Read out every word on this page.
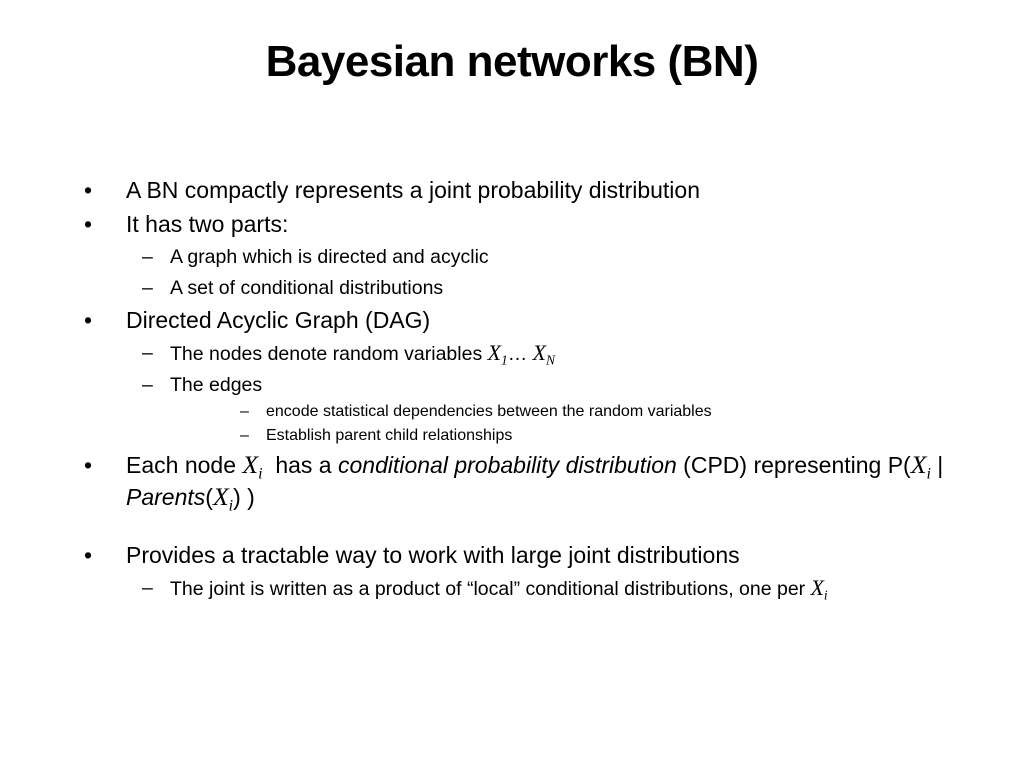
Bayesian networks (BN)
•	A BN compactly represents a joint probability distribution
•	It has two parts:
– A graph which is directed and acyclic
– A set of conditional distributions
•	Directed Acyclic Graph (DAG)
– The nodes denote random variables $X_1\dots$ $X_N$
– The edges
– encode statistical dependencies between the random variables
– Establish parent child relationships
•	Each node $X_i$  has a conditional probability distribution (CPD) representing $P(X_i$ | $Parents(X_i)$ )
•	Provides a tractable way to work with large joint distributions
– The joint is written as a product of “local” conditional distributions, one per $X_i$
